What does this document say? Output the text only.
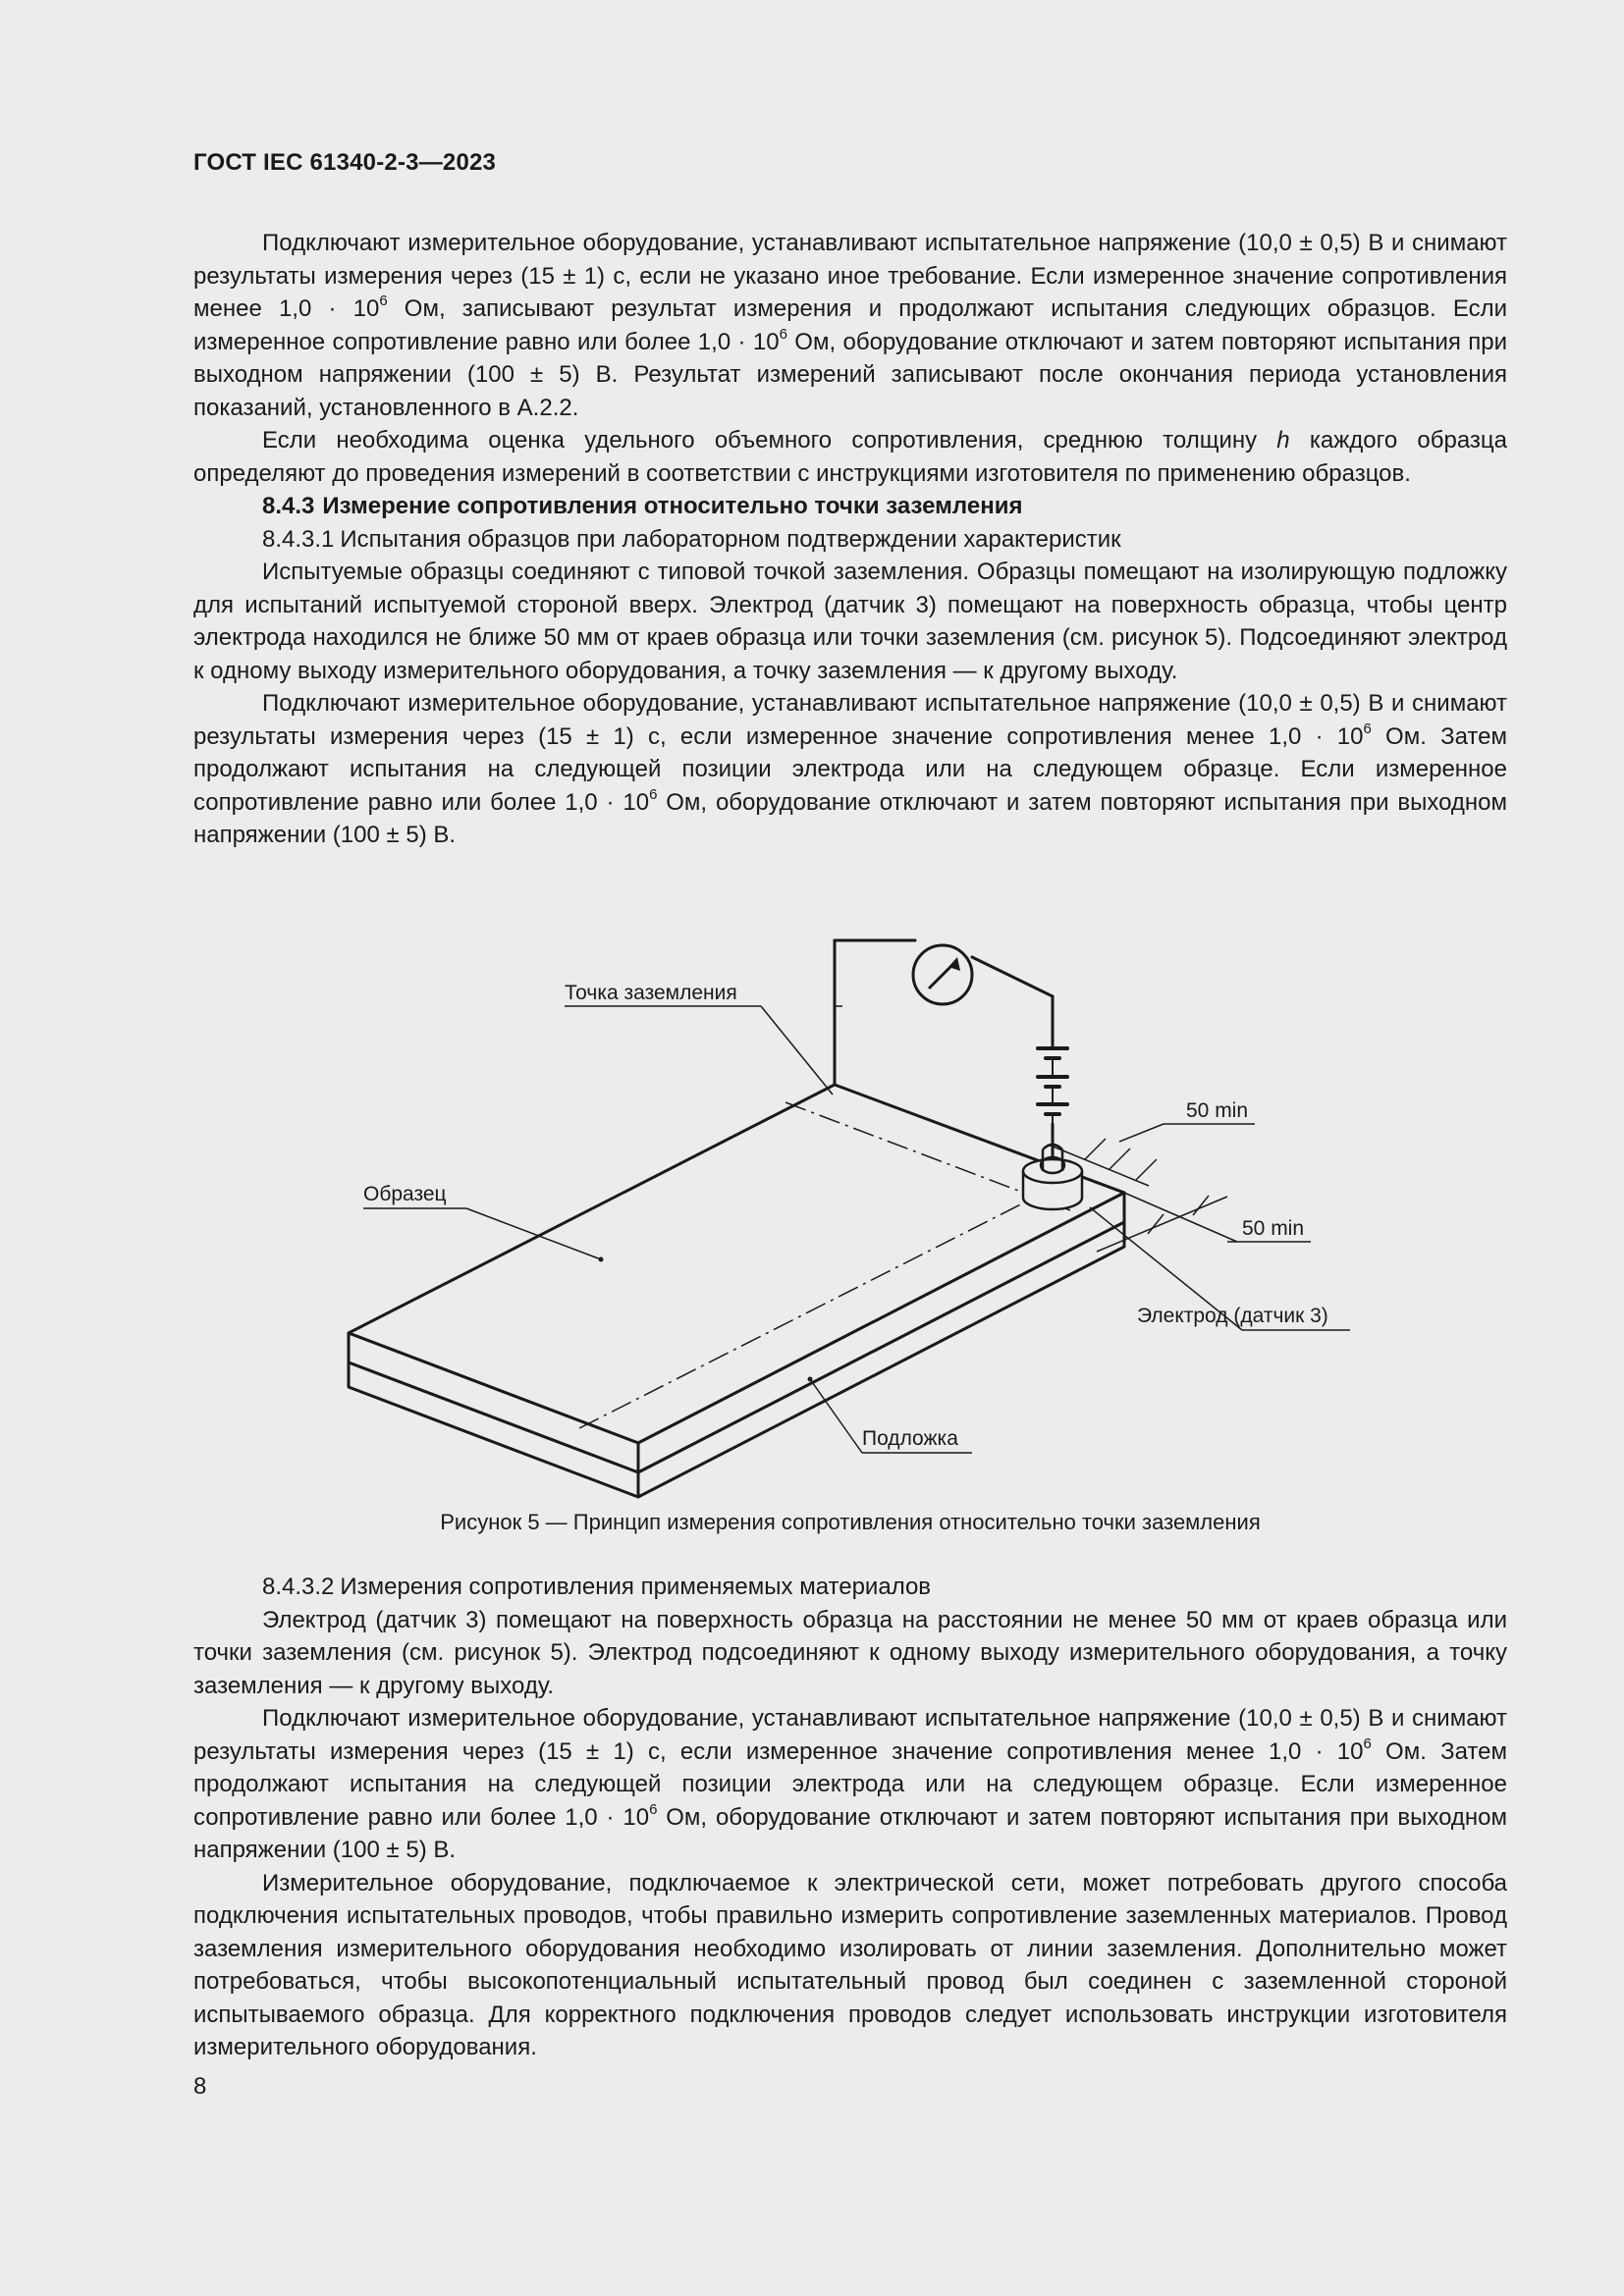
ГОСТ IEC 61340-2-3—2023

Подключают измерительное оборудование, устанавливают испытательное напряжение (10,0 ± 0,5) В и снимают результаты измерения через (15 ± 1) с, если не указано иное требование. Если измеренное значение сопротивления менее $1,0 \cdot 10^6$ Ом, записывают результат измерения и продолжают испытания следующих образцов. Если измеренное сопротивление равно или более $1,0 \cdot 10^6$ Ом, оборудование отключают и затем повторяют испытания при выходном напряжении (100 ± 5) В. Результат измерений записывают после окончания периода установления показаний, установленного в А.2.2.

Если необходима оценка удельного объемного сопротивления, среднюю толщину h каждого образца определяют до проведения измерений в соответствии с инструкциями изготовителя по применению образцов.

8.4.3 Измерение сопротивления относительно точки заземления

8.4.3.1 Испытания образцов при лабораторном подтверждении характеристик

Испытуемые образцы соединяют с типовой точкой заземления. Образцы помещают на изолирующую подложку для испытаний испытуемой стороной вверх. Электрод (датчик 3) помещают на поверхность образца, чтобы центр электрода находился не ближе 50 мм от краев образца или точки заземления (см. рисунок 5). Подсоединяют электрод к одному выходу измерительного оборудования, а точку заземления — к другому выходу.

Подключают измерительное оборудование, устанавливают испытательное напряжение (10,0 ± 0,5) В и снимают результаты измерения через (15 ± 1) с, если измеренное значение сопротивления менее $1,0 \cdot 10^6$ Ом. Затем продолжают испытания на следующей позиции электрода или на следующем образце. Если измеренное сопротивление равно или более $1,0 \cdot 10^6$ Ом, оборудование отключают и затем повторяют испытания при выходном напряжении (100 ± 5) В.

Точка заземления
Образец
50 min
50 min
Электрод (датчик 3)
Подложка
Рисунок 5 — Принцип измерения сопротивления относительно точки заземления

8.4.3.2 Измерения сопротивления применяемых материалов

Электрод (датчик 3) помещают на поверхность образца на расстоянии не менее 50 мм от краев образца или точки заземления (см. рисунок 5). Электрод подсоединяют к одному выходу измерительного оборудования, а точку заземления — к другому выходу.

Подключают измерительное оборудование, устанавливают испытательное напряжение (10,0 ± 0,5) В и снимают результаты измерения через (15 ± 1) с, если измеренное значение сопротивления менее $1,0 \cdot 10^6$ Ом. Затем продолжают испытания на следующей позиции электрода или на следующем образце. Если измеренное сопротивление равно или более $1,0 \cdot 10^6$ Ом, оборудование отключают и затем повторяют испытания при выходном напряжении (100 ± 5) В.

Измерительное оборудование, подключаемое к электрической сети, может потребовать другого способа подключения испытательных проводов, чтобы правильно измерить сопротивление заземленных материалов. Провод заземления измерительного оборудования необходимо изолировать от линии заземления. Дополнительно может потребоваться, чтобы высокопотенциальный испытательный провод был соединен с заземленной стороной испытываемого образца. Для корректного подключения проводов следует использовать инструкции изготовителя измерительного оборудования.

8
